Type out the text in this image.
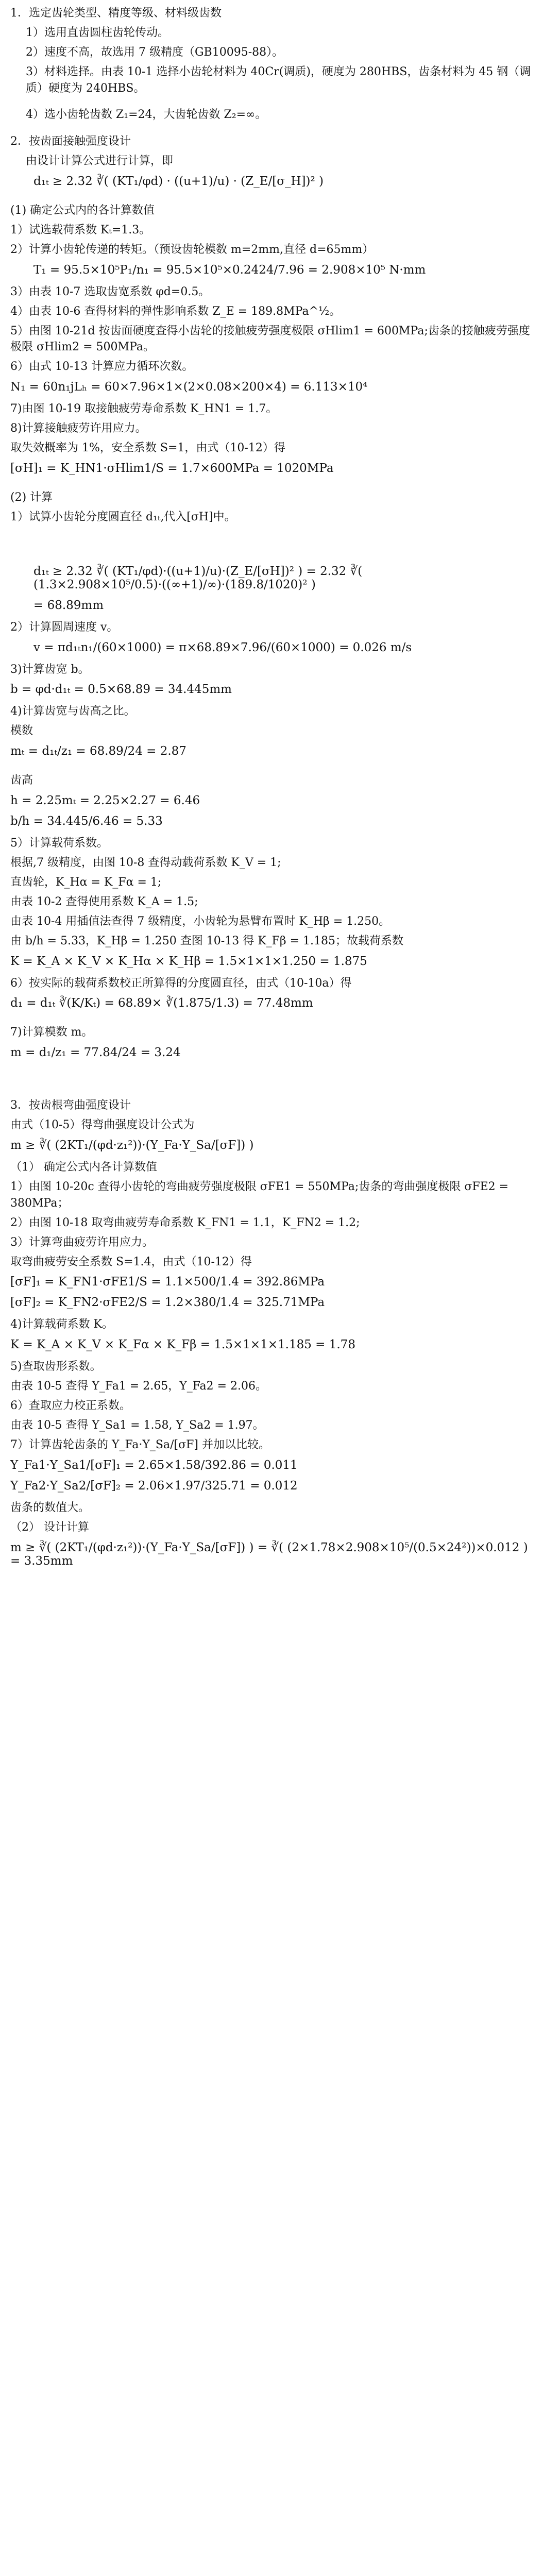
1．选定齿轮类型、精度等级、材料级齿数

1）选用直齿圆柱齿轮传动。

2）速度不高，故选用 7 级精度（GB10095-88）。

3）材料选择。由表 10-1 选择小齿轮材料为 40Cr(调质)，硬度为 280HBS，齿条材料为 45 钢（调质）硬度为 240HBS。

4）选小齿轮齿数 Z₁=24，大齿轮齿数 Z₂=∞。

2．按齿面接触强度设计

由设计计算公式进行计算，即

d₁ₜ ≥ 2.32 ∛( (KT₁/φd) · ((u+1)/u) · (Z_E/[σ_H])² )

(1) 确定公式内的各计算数值

1）试选载荷系数 Kₜ=1.3。

2）计算小齿轮传递的转矩。（预设齿轮模数 m=2mm,直径 d=65mm）

T₁ = 95.5×10⁵P₁/n₁ = 95.5×10⁵×0.2424/7.96 = 2.908×10⁵ N·mm

3）由表 10-7 选取齿宽系数 φd=0.5。

4）由表 10-6 查得材料的弹性影响系数 Z_E = 189.8MPa^½。

5）由图 10-21d 按齿面硬度查得小齿轮的接触疲劳强度极限 σHlim1 = 600MPa;齿条的接触疲劳强度极限 σHlim2 = 500MPa。

6）由式 10-13 计算应力循环次数。

N₁ = 60n₁jLₕ = 60×7.96×1×(2×0.08×200×4) = 6.113×10⁴

7)由图 10-19 取接触疲劳寿命系数 K_HN1 = 1.7。

8)计算接触疲劳许用应力。

取失效概率为 1%，安全系数 S=1，由式（10-12）得

[σH]₁ = K_HN1·σHlim1/S = 1.7×600MPa = 1020MPa

(2) 计算

1）试算小齿轮分度圆直径 d₁ₜ,代入[σH]中。

d₁ₜ ≥ 2.32 ∛( (KT₁/φd)·((u+1)/u)·(Z_E/[σH])² ) = 2.32 ∛( (1.3×2.908×10⁵/0.5)·((∞+1)/∞)·(189.8/1020)² )
= 68.89mm

2）计算圆周速度 v。

v = πd₁ₜn₁/(60×1000) = π×68.89×7.96/(60×1000) = 0.026 m/s

3)计算齿宽 b。

b = φd·d₁ₜ = 0.5×68.89 = 34.445mm

4)计算齿宽与齿高之比。

模数

mₜ = d₁ₜ/z₁ = 68.89/24 = 2.87

齿高

h = 2.25mₜ = 2.25×2.27 = 6.46
b/h = 34.445/6.46 = 5.33

5）计算载荷系数。

根据,7 级精度，由图 10-8 查得动载荷系数 K_V = 1;

直齿轮，K_Hα = K_Fα = 1;

由表 10-2 查得使用系数 K_A = 1.5;

由表 10-4 用插值法查得 7 级精度，小齿轮为悬臂布置时 K_Hβ = 1.250。

由 b/h = 5.33，K_Hβ = 1.250 查图 10-13 得 K_Fβ = 1.185；故载荷系数

K = K_A × K_V × K_Hα × K_Hβ = 1.5×1×1×1.250 = 1.875

6）按实际的载荷系数校正所算得的分度圆直径，由式（10-10a）得

d₁ = d₁ₜ ∛(K/Kₜ) = 68.89× ∛(1.875/1.3) = 77.48mm

7)计算模数 m。

m = d₁/z₁ = 77.84/24 = 3.24

3．按齿根弯曲强度设计

由式（10-5）得弯曲强度设计公式为

m ≥ ∛( (2KT₁/(φd·z₁²))·(Y_Fa·Y_Sa/[σF]) )

（1） 确定公式内各计算数值

1）由图 10-20c 查得小齿轮的弯曲疲劳强度极限 σFE1 = 550MPa;齿条的弯曲强度极限 σFE2 = 380MPa；

2）由图 10-18 取弯曲疲劳寿命系数 K_FN1 = 1.1，K_FN2 = 1.2;

3）计算弯曲疲劳许用应力。

取弯曲疲劳安全系数 S=1.4，由式（10-12）得

[σF]₁ = K_FN1·σFE1/S = 1.1×500/1.4 = 392.86MPa
[σF]₂ = K_FN2·σFE2/S = 1.2×380/1.4 = 325.71MPa

4)计算载荷系数 K。

K = K_A × K_V × K_Fα × K_Fβ = 1.5×1×1×1.185 = 1.78

5)查取齿形系数。

由表 10-5 查得 Y_Fa1 = 2.65，Y_Fa2 = 2.06。

6）查取应力校正系数。

由表 10-5 查得 Y_Sa1 = 1.58, Y_Sa2 = 1.97。

7）计算齿轮齿条的 Y_Fa·Y_Sa/[σF] 并加以比较。

Y_Fa1·Y_Sa1/[σF]₁ = 2.65×1.58/392.86 = 0.011
Y_Fa2·Y_Sa2/[σF]₂ = 2.06×1.97/325.71 = 0.012

齿条的数值大。

（2） 设计计算

m ≥ ∛( (2KT₁/(φd·z₁²))·(Y_Fa·Y_Sa/[σF]) ) = ∛( (2×1.78×2.908×10⁵/(0.5×24²))×0.012 ) = 3.35mm
